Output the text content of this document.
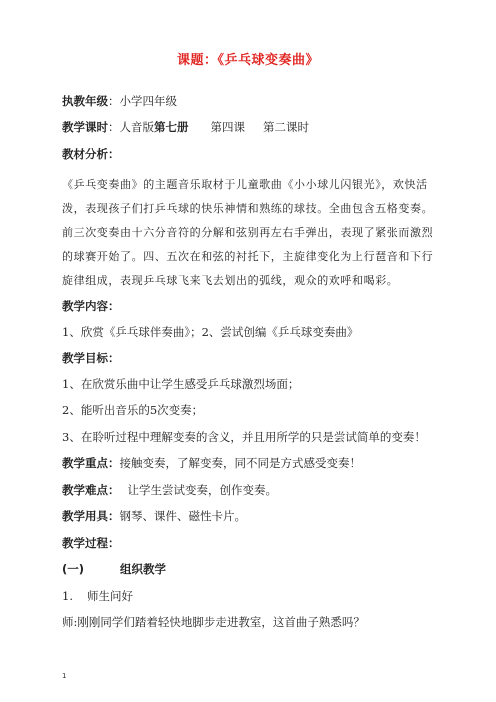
课题：《乒乓球变奏曲》
执教年级：小学四年级
教学课时：人音版第七册 第四课 第二课时
教材分析：
《乒乓变奏曲》的主题音乐取材于儿童歌曲《小小球儿闪银光》，欢快活
泼，表现孩子们打乒乓球的快乐神情和熟练的球技。全曲包含五格变奏。
前三次变奏由十六分音符的分解和弦别再左右手弹出，表现了紧张而激烈
的球赛开始了。四、五次在和弦的衬托下，主旋律变化为上行琶音和下行
旋律组成，表现乒乓球飞来飞去划出的弧线，观众的欢呼和喝彩。
教学内容：
1、欣赏《乒乓球伴奏曲》；2、尝试创编《乒乓球变奏曲》
教学目标：
1、在欣赏乐曲中让学生感受乒乓球激烈场面；
2、能听出音乐的5次变奏；
3、在聆听过程中理解变奏的含义，并且用所学的只是尝试简单的变奏！
教学重点：接触变奏，了解变奏，同不同是方式感受变奏！
教学难点： 让学生尝试变奏，创作变奏。
教学用具：钢琴、课件、磁性卡片。
教学过程：
(一)	组织教学
1. 师生问好
师:刚刚同学们踏着轻快地脚步走进教室，这首曲子熟悉吗？
1
